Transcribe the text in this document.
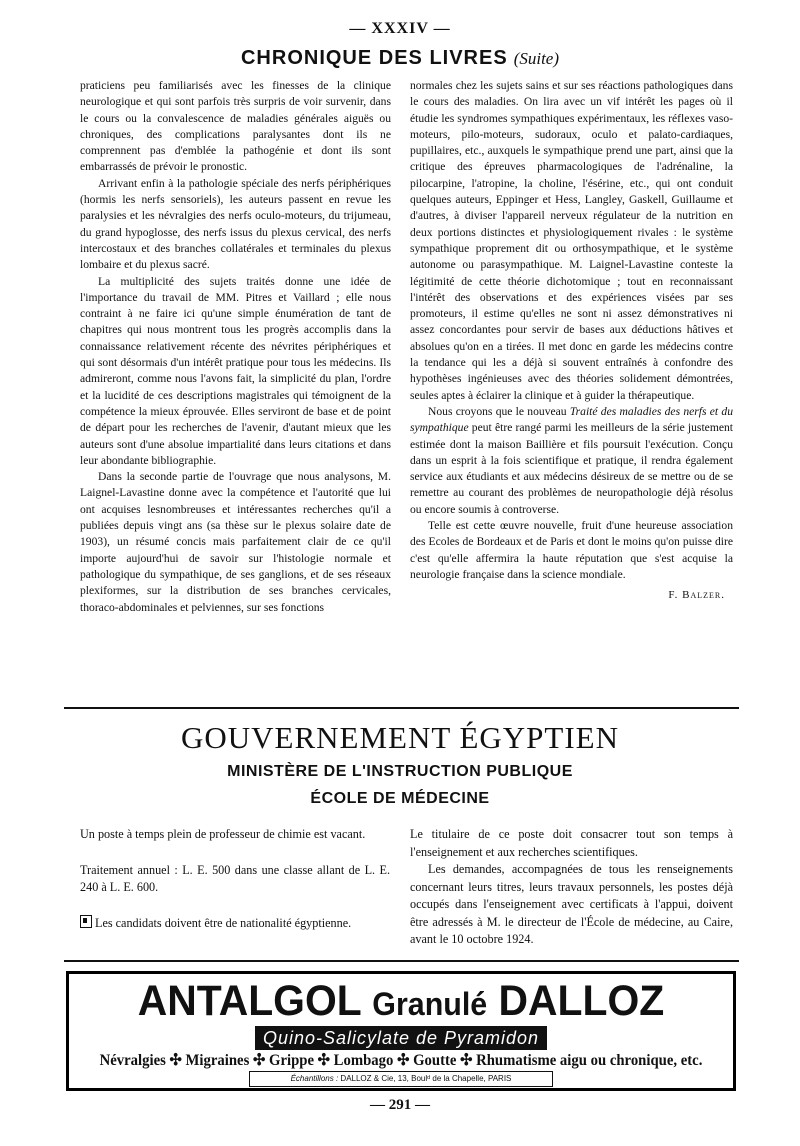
— XXXIV —
CHRONIQUE DES LIVRES (Suite)

praticiens peu familiarisés avec les finesses de la clinique neurologique et qui sont parfois très surpris de voir survenir, dans le cours ou la convalescence de maladies générales aiguës ou chroniques, des complications paralysantes dont ils ne comprennent pas d'emblée la pathogénie et dont ils sont embarrassés de prévoir le pronostic.

Arrivant enfin à la pathologie spéciale des nerfs périphériques (hormis les nerfs sensoriels), les auteurs passent en revue les paralysies et les névralgies des nerfs oculo-moteurs, du trijumeau, du grand hypoglosse, des nerfs issus du plexus cervical, des nerfs intercostaux et des branches collatérales et terminales du plexus lombaire et du plexus sacré.

La multiplicité des sujets traités donne une idée de l'importance du travail de MM. Pitres et Vaillard ; elle nous contraint à ne faire ici qu'une simple énumération de tant de chapitres qui nous montrent tous les progrès accomplis dans la connaissance relativement récente des névrites périphériques et qui sont désormais d'un intérêt pratique pour tous les médecins. Ils admireront, comme nous l'avons fait, la simplicité du plan, l'ordre et la lucidité de ces descriptions magistrales qui témoignent de la compétence la mieux éprouvée. Elles serviront de base et de point de départ pour les recherches de l'avenir, d'autant mieux que les auteurs sont d'une absolue impartialité dans leurs citations et dans leur abondante bibliographie.

Dans la seconde partie de l'ouvrage que nous analysons, M. Laignel-Lavastine donne avec la compétence et l'autorité que lui ont acquises lesnombreuses et intéressantes recherches qu'il a publiées depuis vingt ans (sa thèse sur le plexus solaire date de 1903), un résumé concis mais parfaitement clair de ce qu'il importe aujourd'hui de savoir sur l'histologie normale et pathologique du sympathique, de ses ganglions, et de ses réseaux plexiformes, sur la distribution de ses branches cervicales, thoraco-abdominales et pelviennes, sur ses fonctions

normales chez les sujets sains et sur ses réactions pathologiques dans le cours des maladies. On lira avec un vif intérêt les pages où il étudie les syndromes sympathiques expérimentaux, les réflexes vaso-moteurs, pilo-moteurs, sudoraux, oculo et palato-cardiaques, pupillaires, etc., auxquels le sympathique prend une part, ainsi que la critique des épreuves pharmacologiques de l'adrénaline, la pilocarpine, l'atropine, la choline, l'ésérine, etc., qui ont conduit quelques auteurs, Eppinger et Hess, Langley, Gaskell, Guillaume et d'autres, à diviser l'appareil nerveux régulateur de la nutrition en deux portions distinctes et physiologiquement rivales : le système sympathique proprement dit ou orthosympathique, et le système autonome ou parasympathique. M. Laignel-Lavastine conteste la légitimité de cette théorie dichotomique ; tout en reconnaissant l'intérêt des observations et des expériences visées par ses promoteurs, il estime qu'elles ne sont ni assez démonstratives ni assez concordantes pour servir de bases aux déductions hâtives et absolues qu'on en a tirées. Il met donc en garde les médecins contre la tendance qui les a déjà si souvent entraînés à confondre des hypothèses ingénieuses avec des théories solidement démontrées, seules aptes à éclairer la clinique et à guider la thérapeutique.

Nous croyons que le nouveau Traité des maladies des nerfs et du sympathique peut être rangé parmi les meilleurs de la série justement estimée dont la maison Baillière et fils poursuit l'exécution. Conçu dans un esprit à la fois scientifique et pratique, il rendra également service aux étudiants et aux médecins désireux de se mettre ou de se remettre au courant des problèmes de neuropathologie déjà résolus ou encore soumis à controverse.

Telle est cette œuvre nouvelle, fruit d'une heureuse association des Ecoles de Bordeaux et de Paris et dont le moins qu'on puisse dire c'est qu'elle affermira la haute réputation que s'est acquise la neurologie française dans la science mondiale.

F. Balzer.
GOUVERNEMENT ÉGYPTIEN
MINISTÈRE DE L'INSTRUCTION PUBLIQUE
ÉCOLE DE MÉDECINE

Un poste à temps plein de professeur de chimie est vacant.

Traitement annuel : L. E. 500 dans une classe allant de L. E. 240 à L. E. 600.

Les candidats doivent être de nationalité égyptienne.

Le titulaire de ce poste doit consacrer tout son temps à l'enseignement et aux recherches scientifiques.

Les demandes, accompagnées de tous les renseignements concernant leurs titres, leurs travaux personnels, les postes déjà occupés dans l'enseignement avec certificats à l'appui, doivent être adressés à M. le directeur de l'École de médecine, au Caire, avant le 10 octobre 1924.

ANTALGOL Granulé DALLOZ
Quino-Salicylate de Pyramidon
Névralgies ✣ Migraines ✣ Grippe ✣ Lombago ✣ Goutte ✣ Rhumatisme aigu ou chronique, etc.
Échantillons : DALLOZ & Cie, 13, Boulᵈ de la Chapelle, PARIS
— 291 —
